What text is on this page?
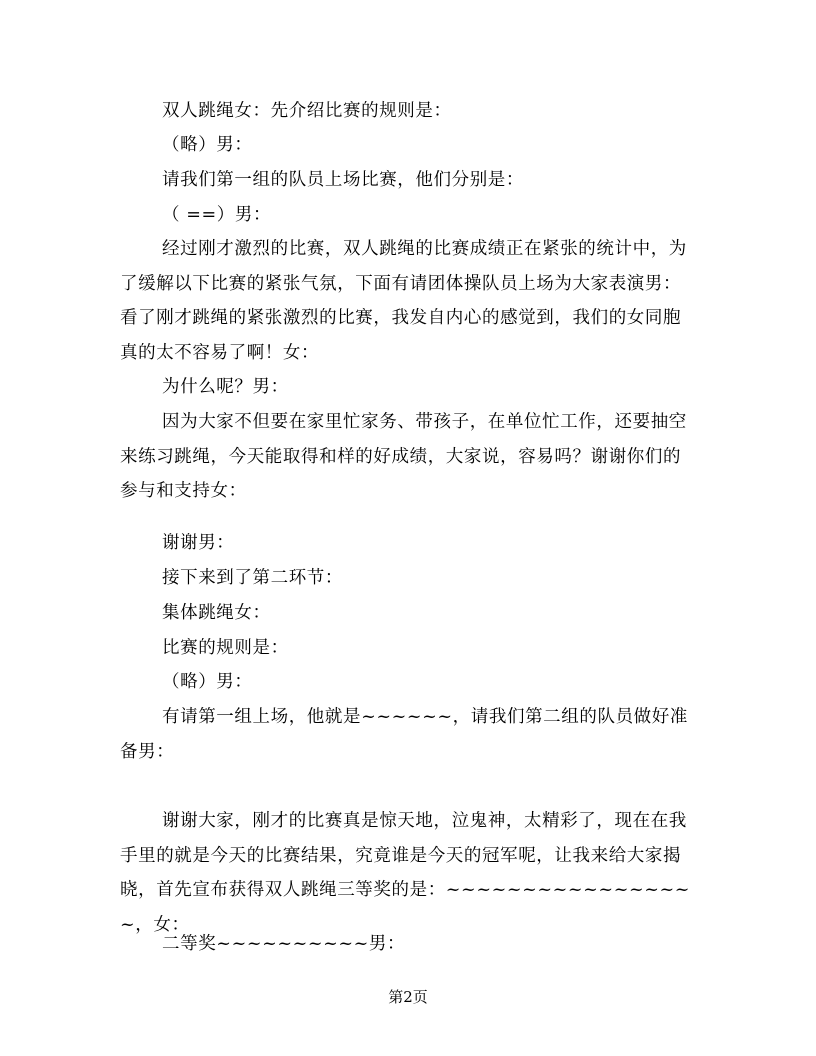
双人跳绳女：先介绍比赛的规则是：

（略）男：

请我们第一组的队员上场比赛，他们分别是：

（ ==）男：

经过刚才激烈的比赛，双人跳绳的比赛成绩正在紧张的统计中，为了缓解以下比赛的紧张气氛，下面有请团体操队员上场为大家表演男：看了刚才跳绳的紧张激烈的比赛，我发自内心的感觉到，我们的女同胞真的太不容易了啊！女：

为什么呢？男：

因为大家不但要在家里忙家务、带孩子，在单位忙工作，还要抽空来练习跳绳，今天能取得和样的好成绩，大家说，容易吗？谢谢你们的参与和支持女：

谢谢男：

接下来到了第二环节：

集体跳绳女：

比赛的规则是：

（略）男：

有请第一组上场，他就是~~~~~~，请我们第二组的队员做好准备男：

谢谢大家，刚才的比赛真是惊天地，泣鬼神，太精彩了，现在在我手里的就是今天的比赛结果，究竟谁是今天的冠军呢，让我来给大家揭晓，首先宣布获得双人跳绳三等奖的是：~~~~~~~~~~~~~~~~~，女：

二等奖~~~~~~~~~~男：

第2页
